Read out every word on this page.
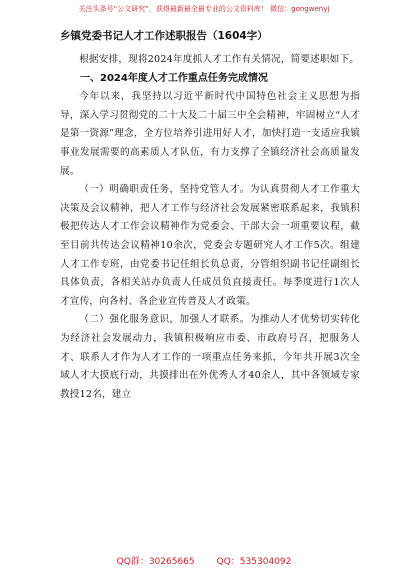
关注头条号“公文研究”，获得最新最全最专业的公文资料库！ 微信：gongwenyj
乡镇党委书记人才工作述职报告（1604字）

根据安排，现将2024年度抓人才工作有关情况，简要述职如下。

一、2024年度人才工作重点任务完成情况

今年以来，我坚持以习近平新时代中国特色社会主义思想为指导，深入学习贯彻党的二十大及二十届三中全会精神，牢固树立“人才是第一资源”理念，全方位培养引进用好人才，加快打造一支适应我镇事业发展需要的高素质人才队伍，有力支撑了全镇经济社会高质量发展。

（一）明确职责任务，坚持党管人才。为认真贯彻人才工作重大决策及会议精神，把人才工作与经济社会发展紧密联系起来，我镇积极把传达人才工作会议精神作为党委会、干部大会一项重要议程，截至目前共传达会议精神10余次，党委会专题研究人才工作5次。组建人才工作专班，由党委书记任组长负总责，分管组织副书记任副组长具体负责，各相关站办负责人任成员负直接责任。每季度进行1次人才宣传，向各村、各企业宣传普及人才政策。

（二）强化服务意识，加强人才联系。为推动人才优势切实转化为经济社会发展动力，我镇积极响应市委、市政府号召，把服务人才、联系人才作为人才工作的一项重点任务来抓，今年共开展3次全域人才大摸底行动，共摸排出在外优秀人才40余人，其中各领域专家教授12名，建立

QQ群：30265665 QQ：535304092
